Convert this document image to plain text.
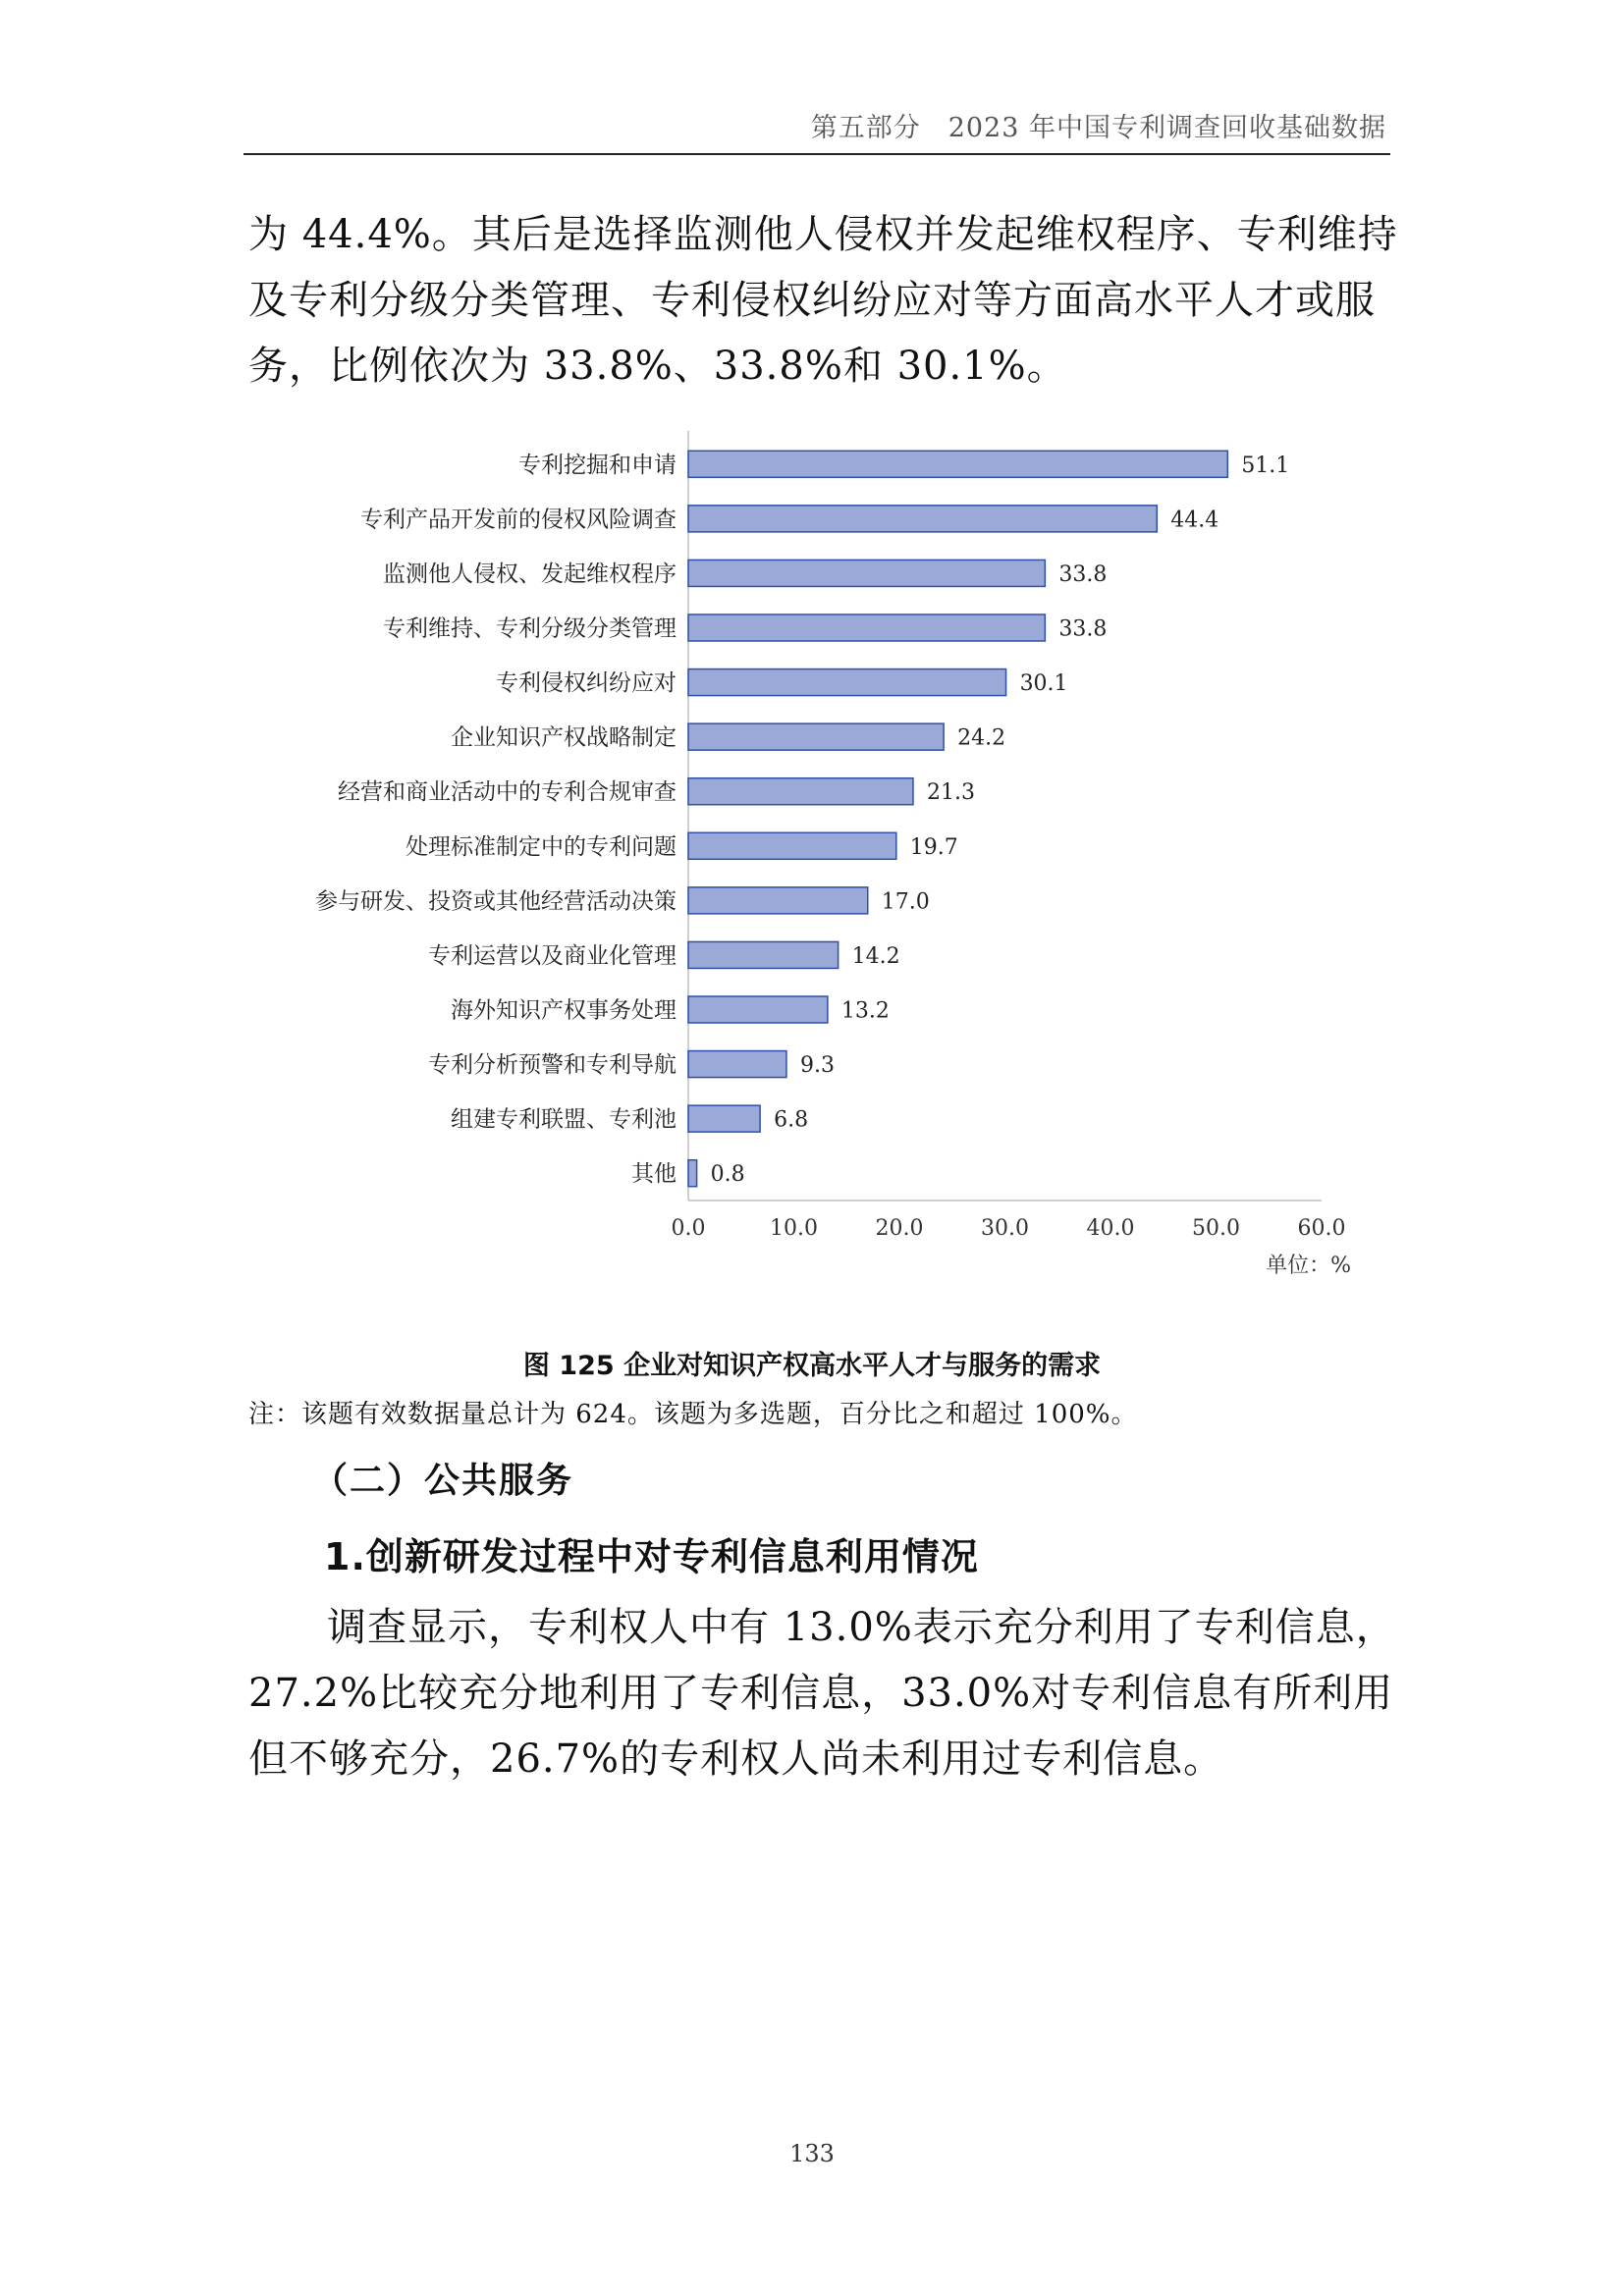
第五部分　2023 年中国专利调查回收基础数据

为 44.4%。其后是选择监测他人侵权并发起维权程序、专利维持及专利分级分类管理、专利侵权纠纷应对等方面高水平人才或服务，比例依次为 33.8%、33.8%和 30.1%。

专利挖掘和申请	51.1
专利产品开发前的侵权风险调查	44.4
监测他人侵权、发起维权程序	33.8
专利维持、专利分级分类管理	33.8
专利侵权纠纷应对	30.1
企业知识产权战略制定	24.2
经营和商业活动中的专利合规审查	21.3
处理标准制定中的专利问题	19.7
参与研发、投资或其他经营活动决策	17.0
专利运营以及商业化管理	14.2
海外知识产权事务处理	13.2
专利分析预警和专利导航	9.3
组建专利联盟、专利池	6.8
其他 0.8
0.0	10.0	20.0	30.0	40.0	50.0	60.0
单位：%
图 125 企业对知识产权高水平人才与服务的需求
注：该题有效数据量总计为 624。该题为多选题，百分比之和超过 100%。
（二）公共服务
1.创新研发过程中对专利信息利用情况

调查显示，专利权人中有 13.0%表示充分利用了专利信息，27.2%比较充分地利用了专利信息，33.0%对专利信息有所利用但不够充分，26.7%的专利权人尚未利用过专利信息。

133
